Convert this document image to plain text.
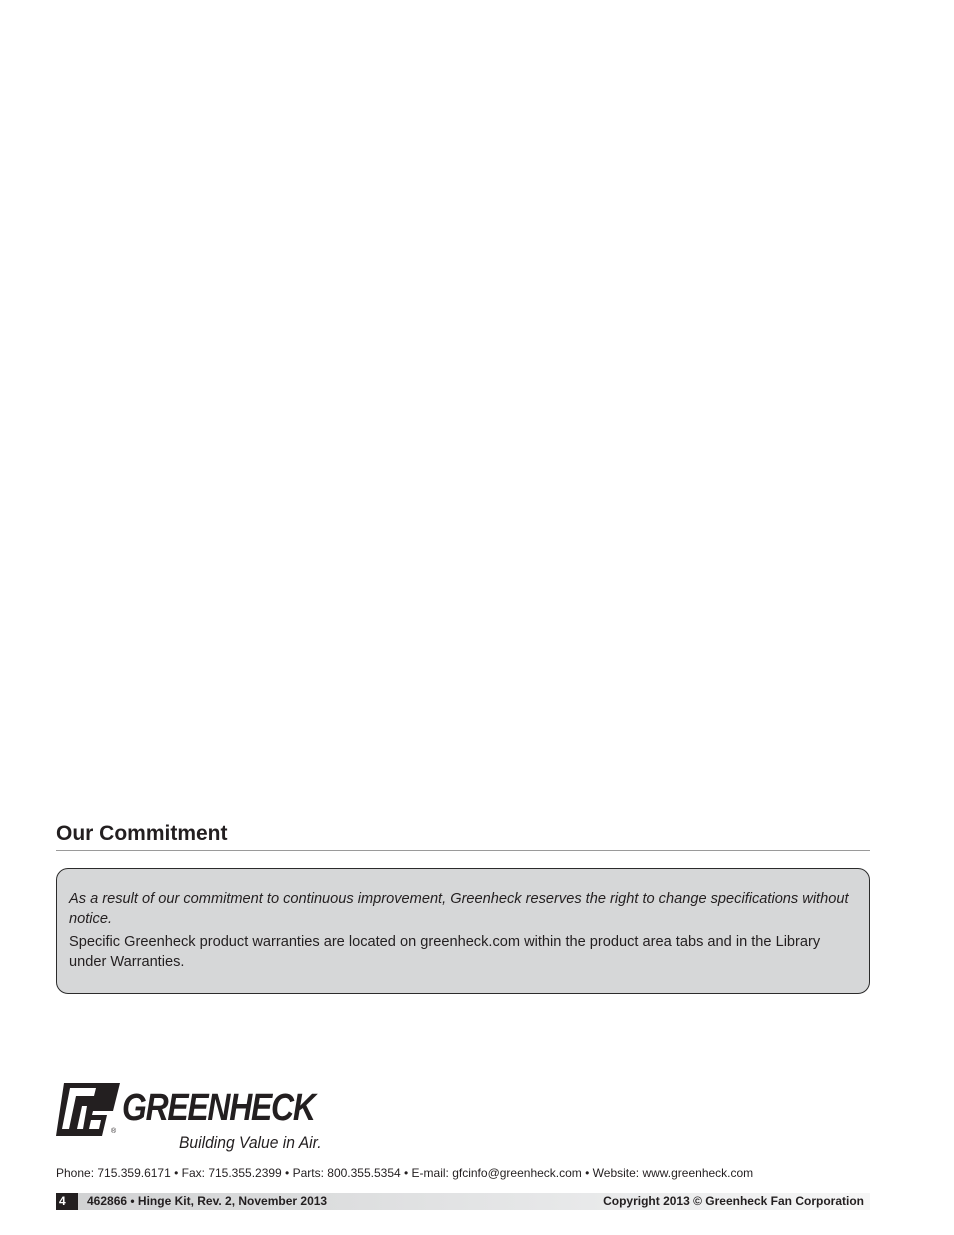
Our Commitment

As a result of our commitment to continuous improvement, Greenheck reserves the right to change specifications without notice.

Specific Greenheck product warranties are located on greenheck.com within the product area tabs and in the Library under Warranties.

®
GREENHECK
Building Value in Air.
Phone: 715.359.6171 • Fax: 715.355.2399 • Parts: 800.355.5354 • E-mail: gfcinfo@greenheck.com • Website: www.greenheck.com
4	462866 • Hinge Kit, Rev. 2, November 2013	Copyright 2013 © Greenheck Fan Corporation
